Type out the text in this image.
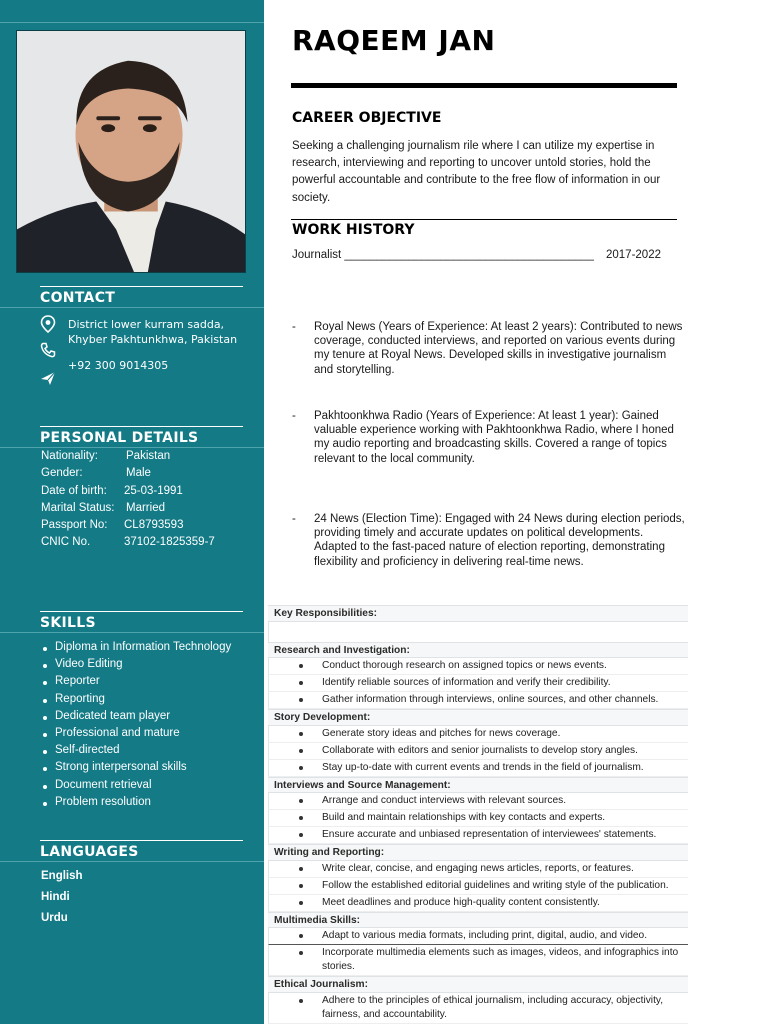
CONTACT
District lower kurram sadda,
Khyber Pakhtunkhwa, Pakistan
+92 300 9014305
PERSONAL DETAILS
Nationality: Pakistan
Gender:	Male
Date of birth: 25-03-1991
Marital Status: Married
Passport No: CL8793593
CNIC No.	37102-1825359-7
SKILLS
Diploma in Information Technology
Video Editing
Reporter
Reporting
Dedicated team player
Professional and mature
Self-directed
Strong interpersonal skills
Document retrieval
Problem resolution
LANGUAGES
English
Hindi
Urdu
RAQEEM JAN
CAREER OBJECTIVE
Seeking a challenging journalism rile where I can utilize my expertise in research, interviewing and reporting to uncover untold stories, hold the powerful accountable and contribute to the free flow of information in our society.
WORK HISTORY
Journalist _______________________________________ 2017-2022
- Royal News (Years of Experience: At least 2 years): Contributed to news coverage, conducted interviews, and reported on various events during my tenure at Royal News. Developed skills in investigative journalism and storytelling.
- Pakhtoonkhwa Radio (Years of Experience: At least 1 year): Gained valuable experience working with Pakhtoonkhwa Radio, where I honed my audio reporting and broadcasting skills. Covered a range of topics relevant to the local community.
- 24 News (Election Time): Engaged with 24 News during election periods, providing timely and accurate updates on political developments. Adapted to the fast-paced nature of election reporting, demonstrating flexibility and proficiency in delivering real-time news.
Key Responsibilities:
Research and Investigation:
Conduct thorough research on assigned topics or news events.
Identify reliable sources of information and verify their credibility.
Gather information through interviews, online sources, and other channels.
Story Development:
Generate story ideas and pitches for news coverage.
Collaborate with editors and senior journalists to develop story angles.
Stay up-to-date with current events and trends in the field of journalism.
Interviews and Source Management:
Arrange and conduct interviews with relevant sources.
Build and maintain relationships with key contacts and experts.
Ensure accurate and unbiased representation of interviewees' statements.
Writing and Reporting:
Write clear, concise, and engaging news articles, reports, or features.
Follow the established editorial guidelines and writing style of the publication.
Meet deadlines and produce high-quality content consistently.
Multimedia Skills:
Adapt to various media formats, including print, digital, audio, and video.
Incorporate multimedia elements such as images, videos, and infographics into stories.
Ethical Journalism:
Adhere to the principles of ethical journalism, including accuracy, objectivity, fairness, and accountability.
